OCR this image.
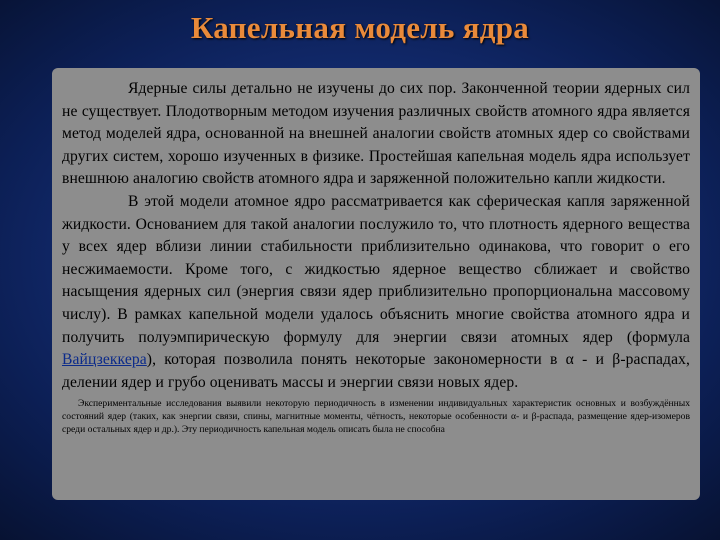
Капельная модель ядра

Ядерные силы детально не изучены до сих пор. Законченной теории ядерных сил не существует. Плодотворным методом изучения различных свойств атомного ядра является метод моделей ядра, основанной на внешней аналогии свойств атомных ядер со свойствами других систем, хорошо изученных в физике. Простейшая капельная модель ядра использует внешнюю аналогию свойств атомного ядра и заряженной положительно капли жидкости.

В этой модели атомное ядро рассматривается как сферическая капля заряженной жидкости. Основанием для такой аналогии послужило то, что плотность ядерного вещества у всех ядер вблизи линии стабильности приблизительно одинакова, что говорит о его несжимаемости. Кроме того, с жидкостью ядерное вещество сближает и свойство насыщения ядерных сил (энергия связи ядер приблизительно пропорциональна массовому числу). В рамках капельной модели удалось объяснить многие свойства атомного ядра и получить полуэмпирическую формулу для энергии связи атомных ядер (формула Вайцзеккера), которая позволила понять некоторые закономерности в α - и β-распадах, делении ядер и грубо оценивать массы и энергии связи новых ядер.

Экспериментальные исследования выявили некоторую периодичность в изменении индивидуальных характеристик основных и возбуждённых состояний ядер (таких, как энергии связи, спины, магнитные моменты, чётность, некоторые особенности α- и β-распада, размещение ядер-изомеров среди остальных ядер и др.). Эту периодичность капельная модель описать была не способна
